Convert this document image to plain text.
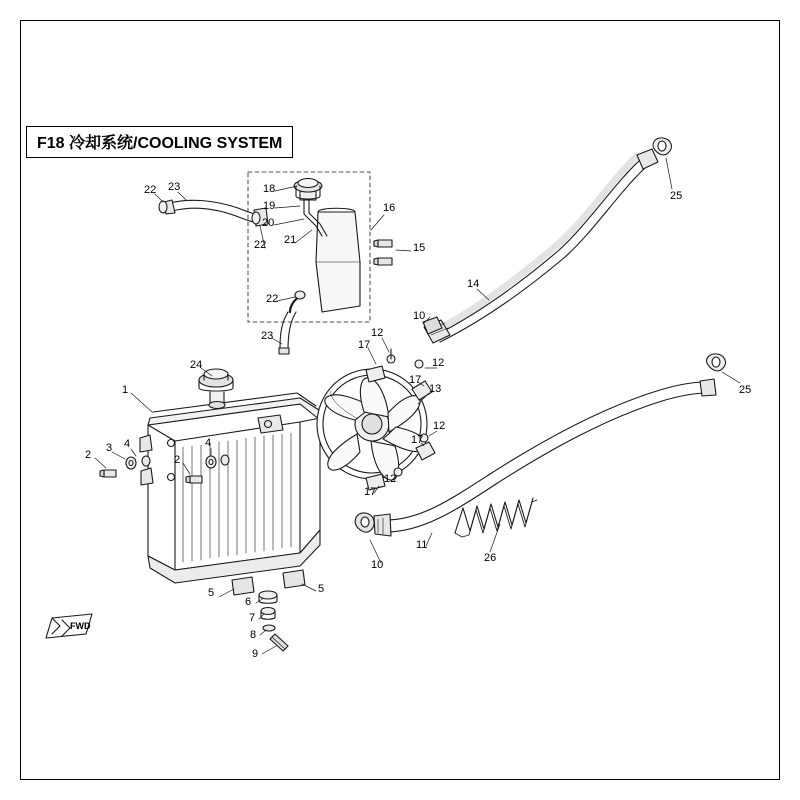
F18 冷却系统/COOLING SYSTEM
FWD
1
2
3 4
2
4
5
6
7
8
9
5
10
10
11
12
12
12
12
13
14
15
16
17
17
17
17
18
19
20
21
22
22
22
23
23
24
25
25
26
